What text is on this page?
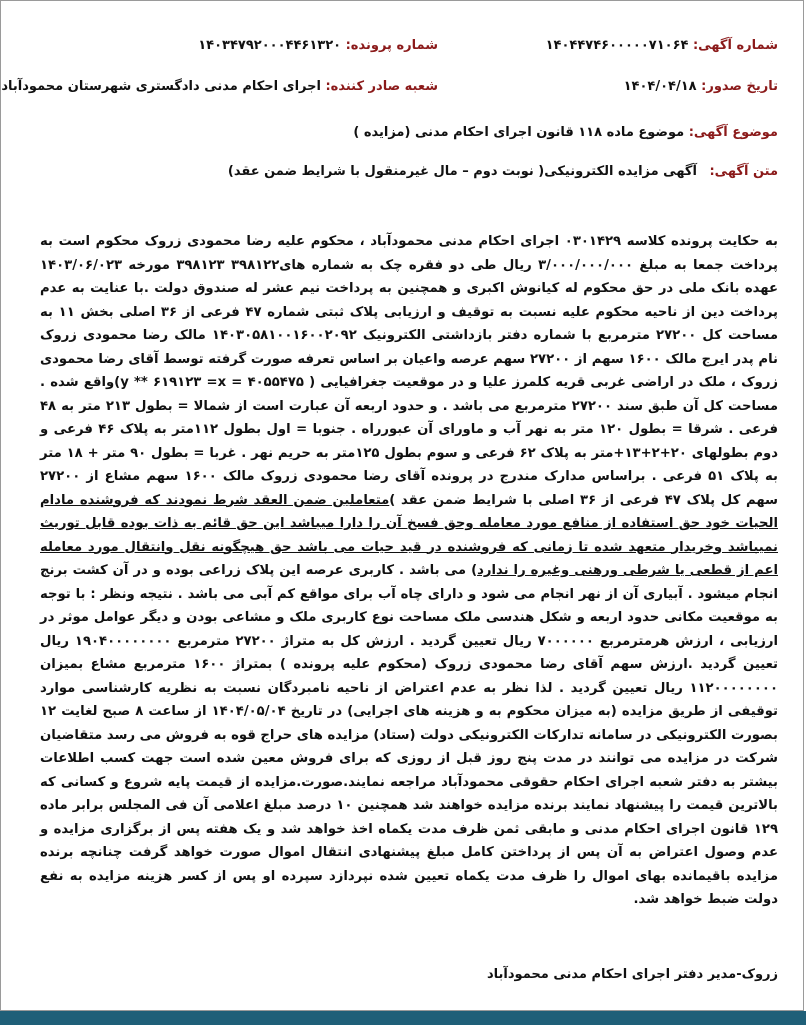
شماره آگهی: ۱۴۰۴۴۷۴۶۰۰۰۰۰۷۱۰۶۴
شماره پرونده: ۱۴۰۳۴۷۹۲۰۰۰۴۴۶۱۳۲۰
تاریخ صدور: ۱۴۰۴/۰۴/۱۸
شعبه صادر کننده: اجرای احکام مدنی دادگستری شهرستان محمودآباد
موضوع آگهی: موضوع ماده ۱۱۸ قانون اجرای احکام مدنی (مزایده )
متن آگهی: آگهی مزایده الکترونیکی( نوبت دوم – مال غیرمنقول با شرایط ضمن عقد)

به حکایت پرونده کلاسه ۰۳۰۱۴۲۹ اجرای احکام مدنی محمودآباد ، محکوم علیه رضا محمودی زروک محکوم است به پرداخت جمعا به مبلغ ۳/۰۰۰/۰۰۰/۰۰۰ ریال طی دو فقره چک به شماره های۳۹۸۱۲۲ ۳۹۸۱۲۳ مورخه ۱۴۰۳/۰۶/۰۲۳ عهده بانک ملی در حق محکوم له کیانوش اکبری و همچنین به پرداخت نیم عشر له صندوق دولت .با عنایت به عدم پرداخت دین از ناحیه محکوم علیه نسبت به توقیف و ارزیابی پلاک ثبتی شماره ۴۷ فرعی از ۳۶ اصلی بخش ۱۱ به مساحت کل ۲۷۲۰۰ مترمربع با شماره دفتر بازداشتی الکترونیک ۱۴۰۳۰۵۸۱۰۰۱۶۰۰۲۰۹۲ مالک رضا محمودی زروک نام پدر ایرج مالک ۱۶۰۰ سهم از ۲۷۲۰۰ سهم عرصه واعیان بر اساس تعرفه صورت گرفته توسط آقای رضا محمودی زروک ، ملک در اراضی غربی قریه کلمرز علیا و در موقعیت جغرافیایی ( ۴۰۵۵۴۷۵ = y ** ۶۱۹۱۲۳ =x)واقع شده . مساحت کل آن طبق سند ۲۷۲۰۰ مترمربع می باشد . و حدود اربعه آن عبارت است از شمالا = بطول ۲۱۳ متر به ۴۸ فرعی . شرقا = بطول ۱۲۰ متر به نهر آب و ماورای آن عبورراه . جنوبا = اول بطول ۱۱۲متر به پلاک ۴۶ فرعی و دوم بطولهای ۲۰+۲+۱۳+متر به پلاک ۶۲ فرعی و سوم بطول ۱۲۵متر به حریم نهر . غربا = بطول ۹۰ متر + ۱۸ متر به پلاک ۵۱ فرعی . براساس مدارک مندرج در پرونده آقای رضا محمودی زروک مالک ۱۶۰۰ سهم مشاع از ۲۷۲۰۰ سهم کل پلاک ۴۷ فرعی از ۳۶ اصلی با شرایط ضمن عقد )متعاملین ضمن العقد شرط نمودند که فروشنده مادام الحیات خود حق استفاده از منافع مورد معامله وحق فسخ آن را دارا میباشد این حق قائم به ذات بوده قابل توریث نمیباشد وخریدار متعهد شده تا زمانی که فروشنده در قید حیات می باشد حق هیچگونه نقل وانتقال مورد معامله اعم از قطعی یا شرطی ورهنی وغیره را ندارد) می باشد . کاربری عرصه این پلاک زراعی بوده و در آن کشت برنج انجام میشود . آبیاری آن از نهر انجام می شود و دارای چاه آب برای مواقع کم آبی می باشد . نتیجه ونظر : با توجه به موقعیت مکانی حدود اربعه و شکل هندسی ملک مساحت نوع کاربری ملک و مشاعی بودن و دیگر عوامل موثر در ارزیابی ، ارزش هرمترمربع ۷۰۰۰۰۰۰ ریال تعیین گردید . ارزش کل به متراژ ۲۷۲۰۰ مترمربع ۱۹۰۴۰۰۰۰۰۰۰۰ ریال تعیین گردید .ارزش سهم آقای رضا محمودی زروک (محکوم علیه پرونده ) بمتراژ ۱۶۰۰ مترمربع مشاع بمیزان ۱۱۲۰۰۰۰۰۰۰۰ ریال تعیین گردید . لذا نظر به عدم اعتراض از ناحیه نامبردگان نسبت به نظریه کارشناسی موارد توقیفی از طریق مزایده (به میزان محکوم به و هزینه های اجرایی) در تاریخ ۱۴۰۴/۰۵/۰۴ از ساعت ۸ صبح لغایت ۱۲ بصورت الکترونیکی در سامانه تدارکات الکترونیکی دولت (ستاد) مزایده های حراج قوه به فروش می رسد متقاضیان شرکت در مزایده می توانند در مدت پنج روز قبل از روزی که برای فروش معین شده است جهت کسب اطلاعات بیشتر به دفتر شعبه اجرای احکام حقوقی محمودآباد مراجعه نمایند.صورت.مزایده از قیمت پایه شروع و کسانی که بالاترین قیمت را پیشنهاد نمایند برنده مزایده خواهند شد همچنین ۱۰ درصد مبلغ اعلامی آن فی المجلس برابر ماده ۱۲۹ قانون اجرای احکام مدنی و مابقی ثمن ظرف مدت یکماه اخذ خواهد شد و یک هفته پس از برگزاری مزایده و عدم وصول اعتراض به آن پس از پرداختن کامل مبلغ پیشنهادی انتقال اموال صورت خواهد گرفت چنانچه برنده مزایده باقیمانده بهای اموال را ظرف مدت یکماه تعیین شده نپردازد سپرده او پس از کسر هزینه مزایده به نفع دولت ضبط خواهد شد.

زروک-مدیر دفتر اجرای احکام مدنی محمودآباد
